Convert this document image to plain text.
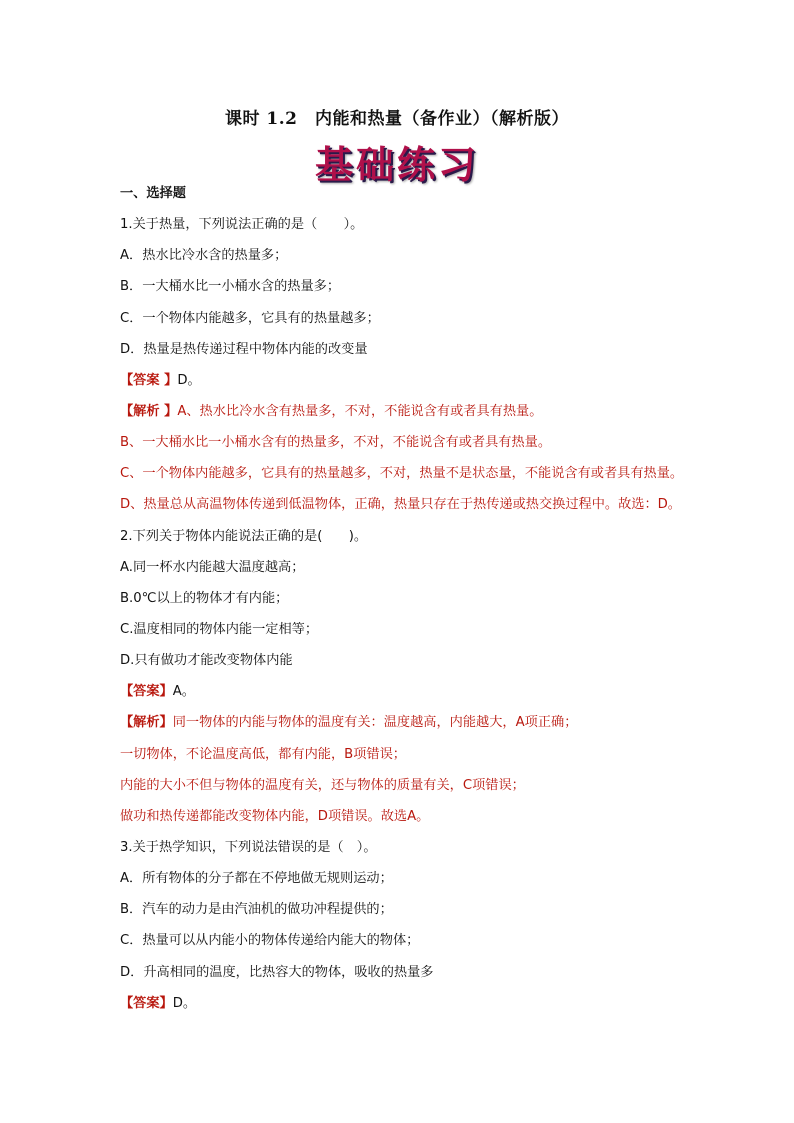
课时 1.2　内能和热量（备作业）（解析版）
基础练习
一、选择题
1.关于热量，下列说法正确的是（　　）。
A．热水比冷水含的热量多；
B．一大桶水比一小桶水含的热量多；
C．一个物体内能越多，它具有的热量越多；
D．热量是热传递过程中物体内能的改变量
【答案 】D。
【解析 】A、热水比冷水含有热量多，不对，不能说含有或者具有热量。
B、一大桶水比一小桶水含有的热量多，不对，不能说含有或者具有热量。
C、一个物体内能越多，它具有的热量越多，不对，热量不是状态量，不能说含有或者具有热量。
D、热量总从高温物体传递到低温物体，正确，热量只存在于热传递或热交换过程中。故选：D。
2.下列关于物体内能说法正确的是(　　)。
A.同一杯水内能越大温度越高；
B.0℃以上的物体才有内能；
C.温度相同的物体内能一定相等；
D.只有做功才能改变物体内能
【答案】A。
【解析】同一物体的内能与物体的温度有关：温度越高，内能越大，A项正确；
一切物体，不论温度高低，都有内能，B项错误；
内能的大小不但与物体的温度有关，还与物体的质量有关，C项错误；
做功和热传递都能改变物体内能，D项错误。故选A。
3.关于热学知识，下列说法错误的是（　）。
A．所有物体的分子都在不停地做无规则运动；
B．汽车的动力是由汽油机的做功冲程提供的；
C．热量可以从内能小的物体传递给内能大的物体；
D．升高相同的温度，比热容大的物体，吸收的热量多
【答案】D。
